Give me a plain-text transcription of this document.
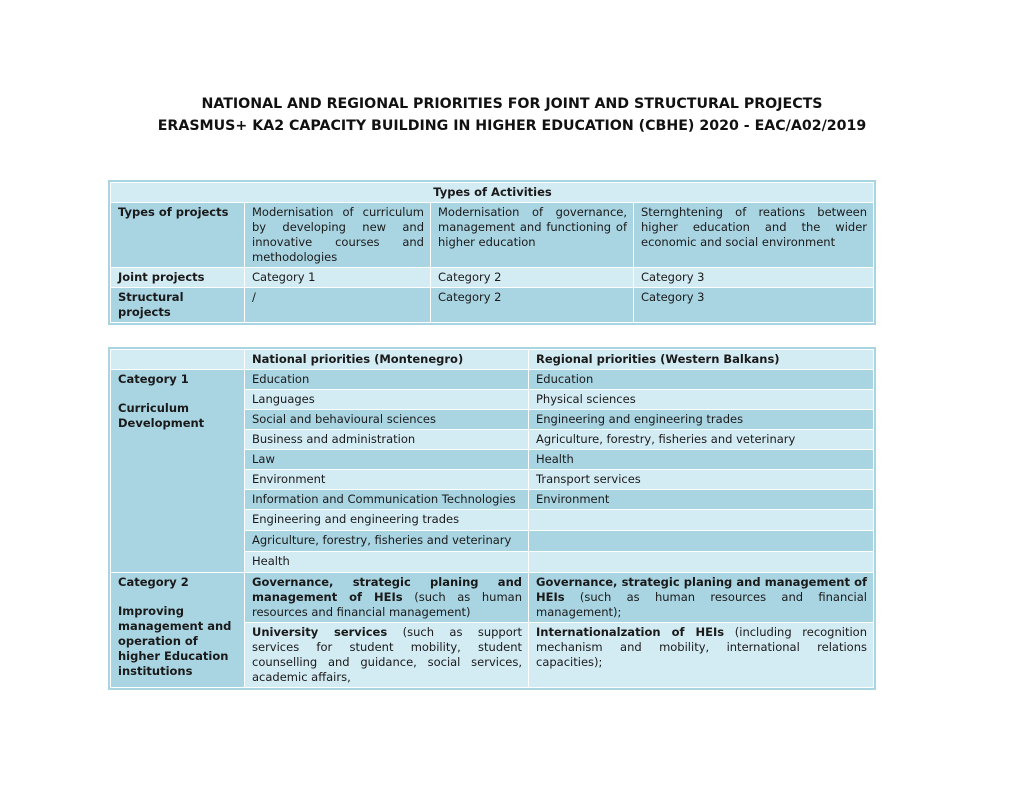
NATIONAL AND REGIONAL PRIORITIES FOR JOINT AND STRUCTURAL PROJECTS
ERASMUS+ KA2 CAPACITY BUILDING IN HIGHER EDUCATION (CBHE) 2020 - EAC/A02/2019
Types of Activities			
Types of projects	Modernisation of curriculum by developing new and innovative courses and methodologies	Modernisation of governance, management and functioning of higher education	Sternghtening of reations between higher education and the wider economic and social environment
Joint projects	Category 1	Category 2	Category 3
Structural projects	/	Category 2	Category 3
	National priorities (Montenegro)	Regional priorities (Western Balkans)

Category 1
Curriculum Development	Education	Education
	Languages	Physical sciences
	Social and behavioural sciences	Engineering and engineering trades
	Business and administration	Agriculture, forestry, fisheries and veterinary
	Law	Health
	Environment	Transport services
	Information and Communication Technologies	Environment
	Engineering and engineering trades	
	Agriculture, forestry, fisheries and veterinary	
	Health	

Category 2
Improving management and operation of higher Education institutions	Governance, strategic planing and management of HEIs (such as human resources and financial management)	Governance, strategic planing and management of HEIs (such as human resources and financial management);
	University services (such as support services for student mobility, student counselling and guidance, social services, academic affairs,	Internationalzation of HEIs (including recognition mechanism and mobility, international relations capacities);
